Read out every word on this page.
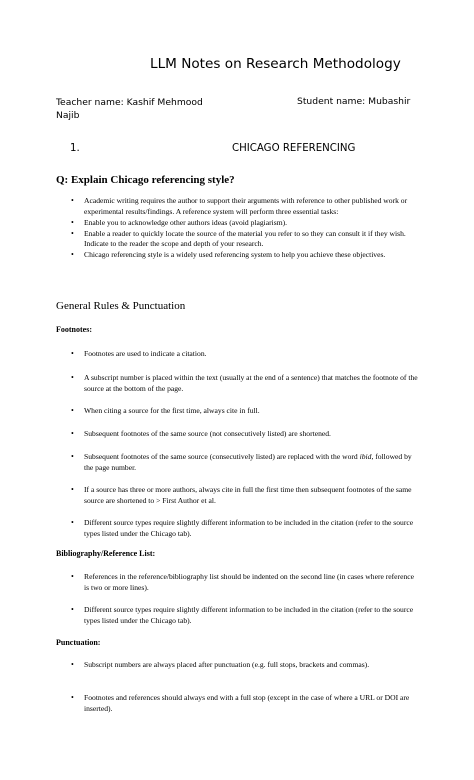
LLM Notes on Research Methodology
Teacher name: Kashif Mehmood Najib
Student name: Mubashir
1.	CHICAGO REFERENCING
Q: Explain Chicago referencing style?
• Academic writing requires the author to support their arguments with reference to other published work or experimental results/findings. A reference system will perform three essential tasks:
• Enable you to acknowledge other authors ideas (avoid plagiarism).
• Enable a reader to quickly locate the source of the material you refer to so they can consult it if they wish. Indicate to the reader the scope and depth of your research.
• Chicago referencing style is a widely used referencing system to help you achieve these objectives.
General Rules & Punctuation
Footnotes:
• Footnotes are used to indicate a citation.
• A subscript number is placed within the text (usually at the end of a sentence) that matches the footnote of the source at the bottom of the page.
• When citing a source for the first time, always cite in full.
• Subsequent footnotes of the same source (not consecutively listed) are shortened.
• Subsequent footnotes of the same source (consecutively listed) are replaced with the word ibid, followed by the page number.
• If a source has three or more authors, always cite in full the first time then subsequent footnotes of the same source are shortened to > First Author et al.
• Different source types require slightly different information to be included in the citation (refer to the source types listed under the Chicago tab).
Bibliography/Reference List:
• References in the reference/bibliography list should be indented on the second line (in cases where reference is two or more lines).
• Different source types require slightly different information to be included in the citation (refer to the source types listed under the Chicago tab).
Punctuation:
• Subscript numbers are always placed after punctuation (e.g. full stops, brackets and commas).
• Footnotes and references should always end with a full stop (except in the case of where a URL or DOI are inserted).
